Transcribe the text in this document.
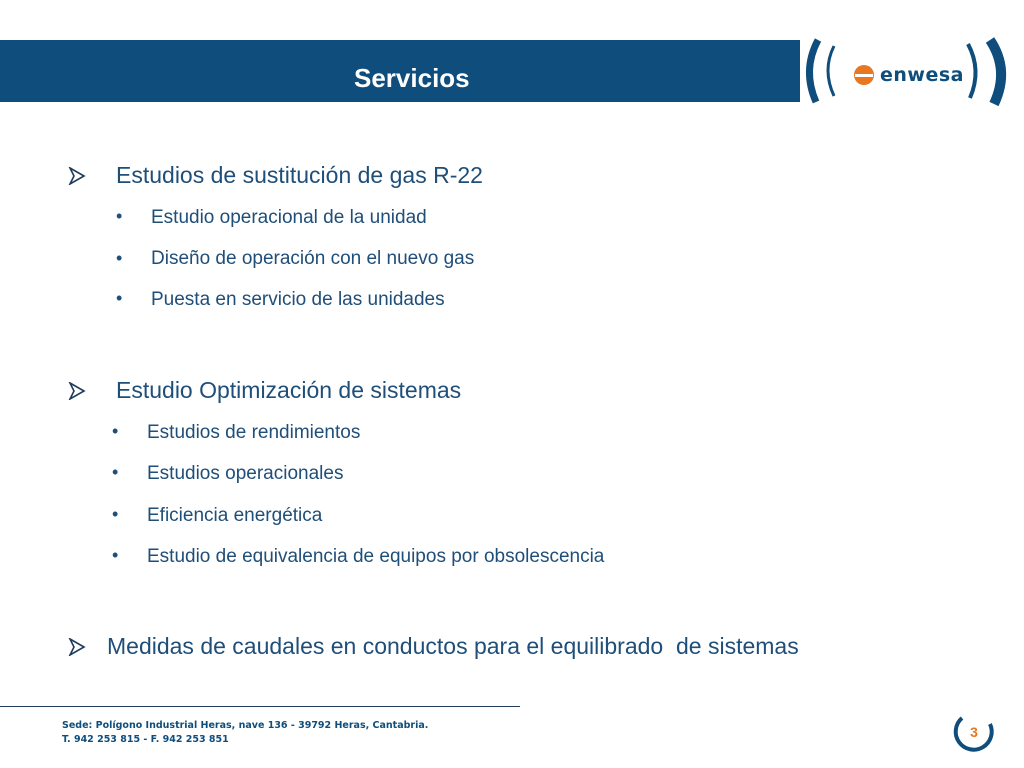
enwesa
Servicios
Estudios de sustitución de gas R-22
• Estudio operacional de la unidad
• Diseño de operación con el nuevo gas
• Puesta en servicio de las unidades
Estudio Optimización de sistemas
• Estudios de rendimientos
• Estudios operacionales
• Eficiencia energética
• Estudio de equivalencia de equipos por obsolescencia
Medidas de caudales en conductos para el equilibrado  de sistemas
Sede: Polígono Industrial Heras, nave 136 - 39792 Heras, Cantabria.
T. 942 253 815 - F. 942 253 851	3
